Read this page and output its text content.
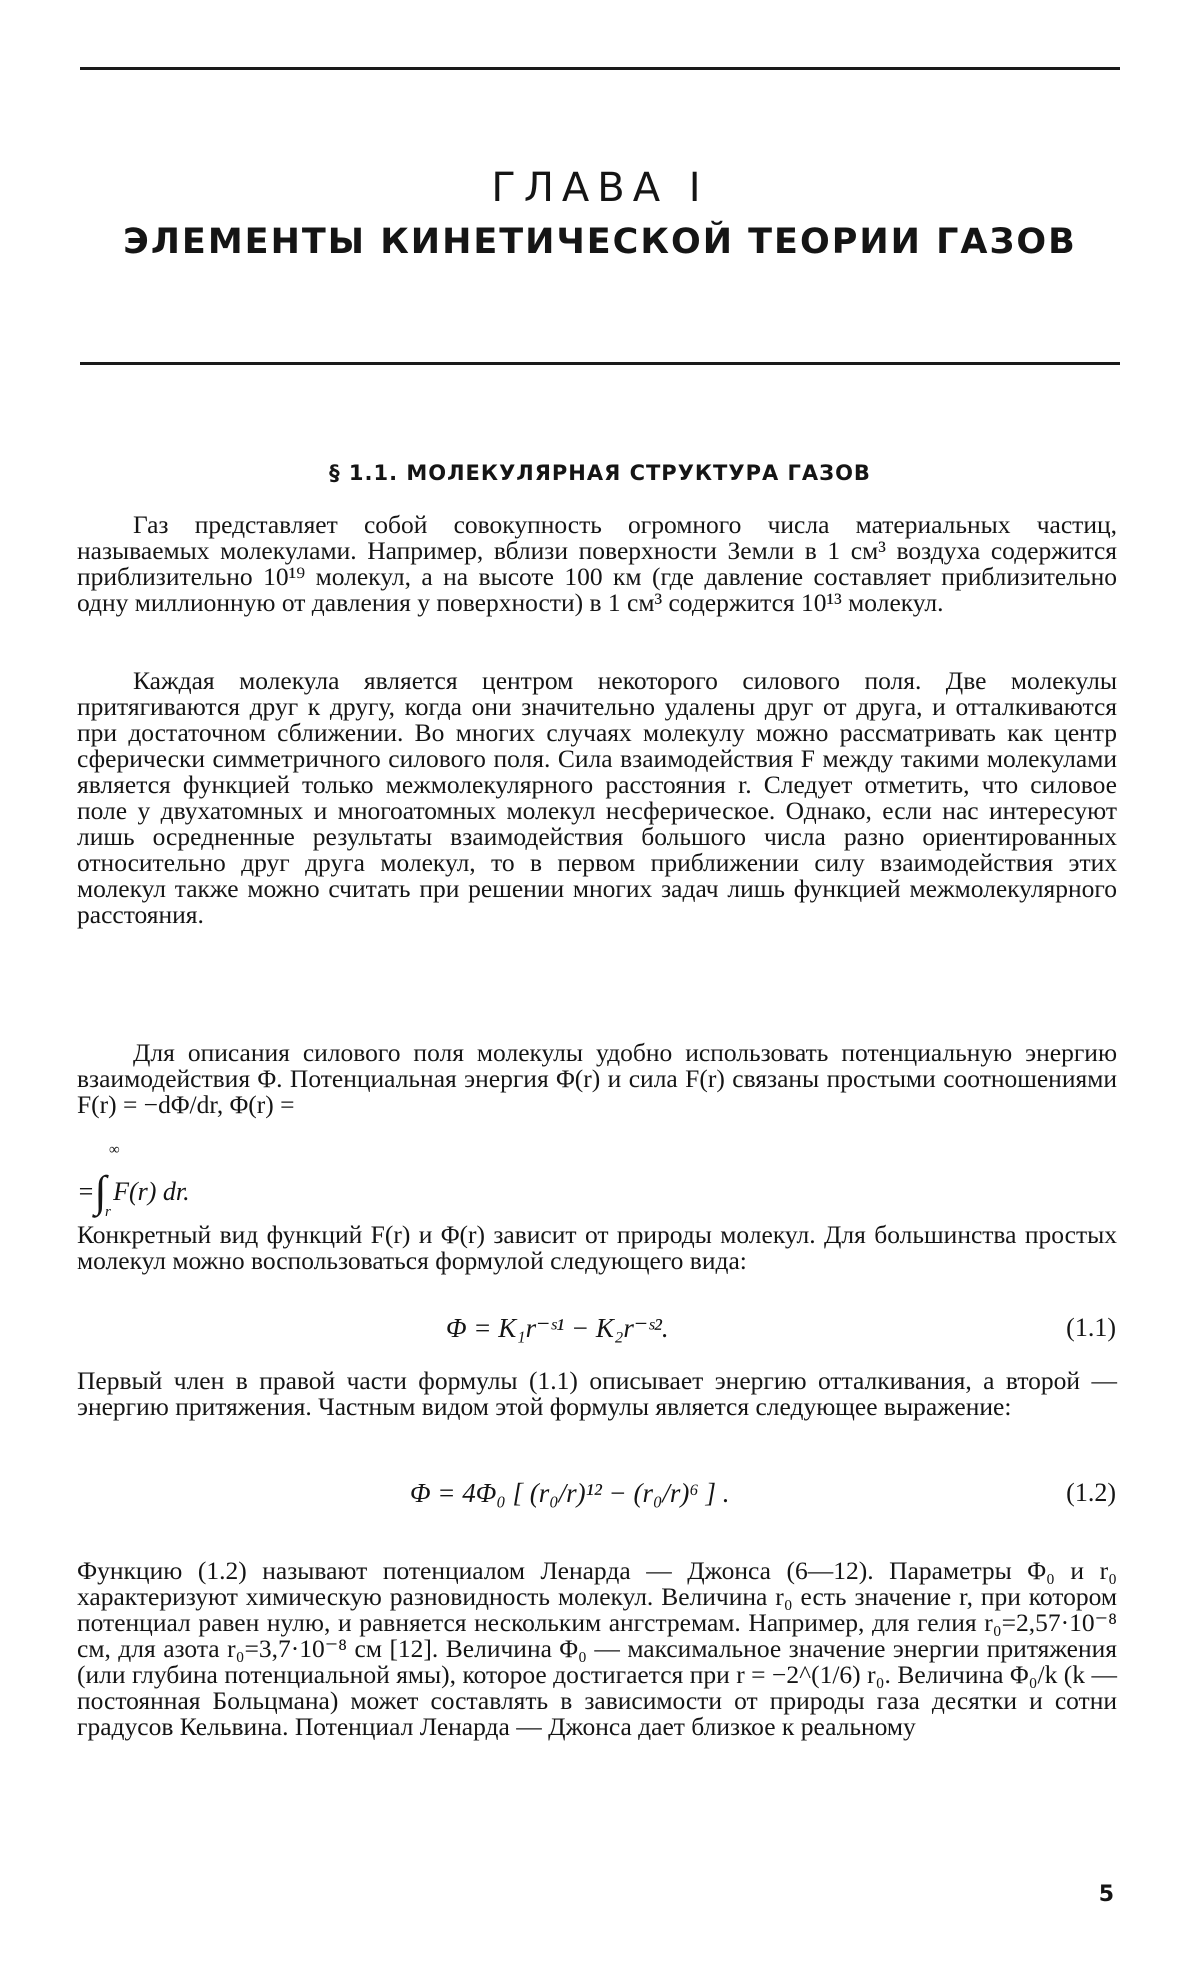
ГЛАВА I
ЭЛЕМЕНТЫ КИНЕТИЧЕСКОЙ ТЕОРИИ ГАЗОВ
§ 1.1. МОЛЕКУЛЯРНАЯ СТРУКТУРА ГАЗОВ

Газ представляет собой совокупность огромного числа материальных частиц, называемых молекулами. Например, вблизи поверхности Земли в 1 см³ воздуха содержится приблизительно 10¹⁹ молекул, а на высоте 100 км (где давление составляет приблизительно одну миллионную от давления у поверхности) в 1 см³ содержится 10¹³ молекул.

Каждая молекула является центром некоторого силового поля. Две молекулы притягиваются друг к другу, когда они значительно удалены друг от друга, и отталкиваются при достаточном сближении. Во многих случаях молекулу можно рассматривать как центр сферически симметричного силового поля. Сила взаимодействия F между такими молекулами является функцией только межмолекулярного расстояния r. Следует отметить, что силовое поле у двухатомных и многоатомных молекул несферическое. Однако, если нас интересуют лишь осредненные результаты взаимодействия большого числа разно ориентированных относительно друг друга молекул, то в первом приближении силу взаимодействия этих молекул также можно считать при решении многих задач лишь функцией межмолекулярного расстояния.

Для описания силового поля молекулы удобно использовать потенциальную энергию взаимодействия Φ. Потенциальная энергия Φ(r) и сила F(r) связаны простыми соотношениями F(r) = −dΦ/dr, Φ(r) =

=∫
∞
r
F(r) dr.

Конкретный вид функций F(r) и Φ(r) зависит от природы молекул. Для большинства простых молекул можно воспользоваться формулой следующего вида:

Φ = K₁r⁻ˢ¹ − K₂r⁻ˢ².	(1.1)

Первый член в правой части формулы (1.1) описывает энергию отталкивания, а второй — энергию притяжения. Частным видом этой формулы является следующее выражение:

Φ = 4Φ₀ [ (r₀/r)¹² − (r₀/r)⁶ ] .	(1.2)

Функцию (1.2) называют потенциалом Ленарда — Джонса (6—12). Параметры Φ₀ и r₀ характеризуют химическую разновидность молекул. Величина r₀ есть значение r, при котором потенциал равен нулю, и равняется нескольким ангстремам. Например, для гелия r₀=2,57·10⁻⁸ см, для азота r₀=3,7·10⁻⁸ см [12]. Величина Φ₀ — максимальное значение энергии притяжения (или глубина потенциальной ямы), которое достигается при r = −2^(1/6) r₀. Величина Φ₀/k (k — постоянная Больцмана) может составлять в зависимости от природы газа десятки и сотни градусов Кельвина. Потенциал Ленарда — Джонса дает близкое к реальному

5
